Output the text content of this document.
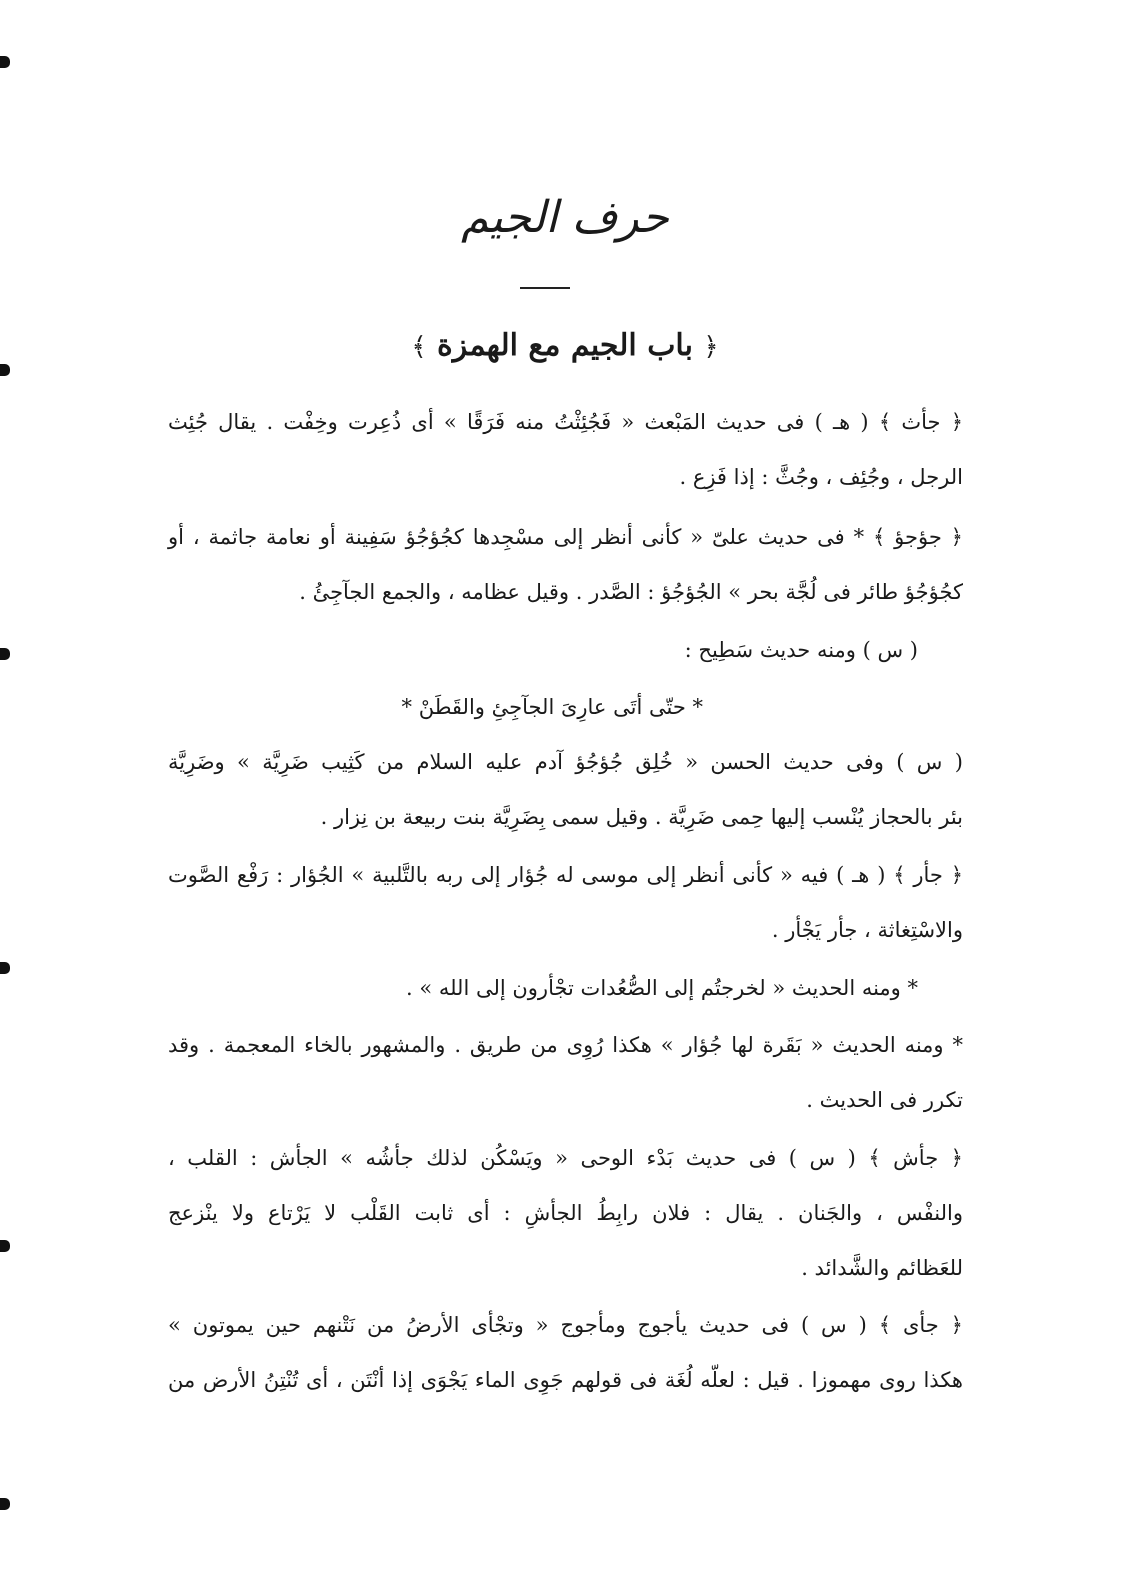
حرف الجيم
﴿ باب الجيم مع الهمزة ﴾
﴿ جأث ﴾ ( هـ ) فى حديث المَبْعث « فَجُئِثْتُ منه فَرَقًا » أى ذُعِرت وخِفْت . يقال جُئِث
الرجل ، وجُئِف ، وجُثَّ : إذا فَزِع .
﴿ جؤجؤ ﴾ * فى حديث علىّ « كأنى أنظر إلى مسْجِدها كجُؤجُؤ سَفِينة أو نعامة جاثمة ، أو
كجُؤجُؤ طائر فى لُجَّة بحر » الجُؤجُؤ : الصَّدر . وقيل عظامه ، والجمع الجآجِئُ .
( س ) ومنه حديث سَطِيح :
* حتّى أتَى عارِىَ الجآجِئِ والقَطَنْ *
( س ) وفى حديث الحسن « خُلِق جُؤجُؤ آدم عليه السلام من كَثِيب ضَرِيَّة » وضَرِيَّة
بئر بالحجاز يُنْسب إليها حِمى ضَرِيَّة . وقيل سمى بِضَرِيَّة بنت ربيعة بن نِزار .
﴿ جأر ﴾ ( هـ ) فيه « كأنى أنظر إلى موسى له جُؤار إلى ربه بالتَّلبية » الجُؤار : رَفْع الصَّوت
والاسْتِغاثة ، جأر يَجْأر .
* ومنه الحديث « لخرجتُم إلى الصُّعُدات تجْأرون إلى الله » .
* ومنه الحديث « بَقَرة لها جُؤار » هكذا رُوِى من طريق . والمشهور بالخاء المعجمة . وقد
تكرر فى الحديث .
﴿ جأش ﴾ ( س ) فى حديث بَدْء الوحى « ويَسْكُن لذلك جأشُه » الجأش : القلب ،
والنفْس ، والجَنان . يقال : فلان رابِطُ الجأشِ : أى ثابت القَلْب لا يَرْتاع ولا ينْزعج
للعَظائم والشَّدائد .
﴿ جأى ﴾ ( س ) فى حديث يأجوج ومأجوج « وتجْأى الأرضُ من نَتْنهم حين يموتون »
هكذا روى مهموزا . قيل : لعلّه لُغَة فى قولهم جَوِى الماء يَجْوَى إذا أنْتَن ، أى تُنْتِنُ الأرض من
